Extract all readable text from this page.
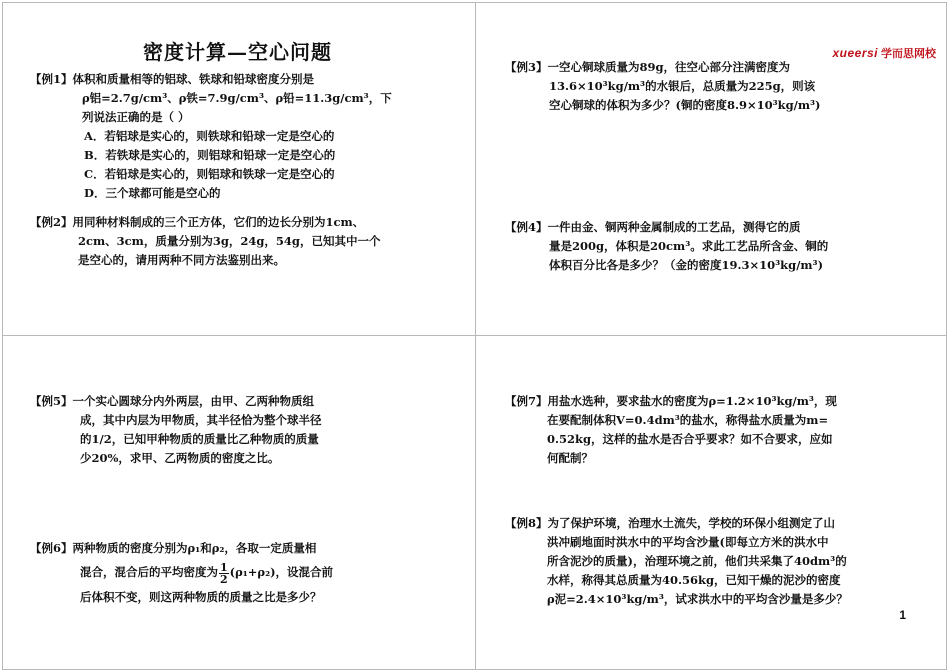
密度计算—空心问题	xueersi 学而思网校
【例1】体积和质量相等的铝球、铁球和铅球密度分别是
ρ铝=2.7g/cm³、ρ铁=7.9g/cm³、ρ铅=11.3g/cm³，下
列说法正确的是（ ）
A．若铝球是实心的，则铁球和铅球一定是空心的
B．若铁球是实心的，则铝球和铅球一定是空心的
C．若铅球是实心的，则铝球和铁球一定是空心的
D．三个球都可能是空心的
【例2】用同种材料制成的三个正方体，它们的边长分别为1cm、
2cm、3cm，质量分别为3g，24g，54g，已知其中一个
是空心的，请用两种不同方法鉴别出来。
【例3】一空心铜球质量为89g，往空心部分注满密度为
13.6×10³kg/m³的水银后，总质量为225g，则该
空心铜球的体积为多少？(铜的密度8.9×10³kg/m³)
【例4】一件由金、铜两种金属制成的工艺品，测得它的质
量是200g，体积是20cm³。求此工艺品所含金、铜的
体积百分比各是多少？（金的密度19.3×10³kg/m³)
【例5】一个实心圆球分内外两层，由甲、乙两种物质组
成，其中内层为甲物质，其半径恰为整个球半径
的1/2，已知甲种物质的质量比乙种物质的质量
少20%，求甲、乙两物质的密度之比。
【例6】两种物质的密度分别为ρ₁和ρ₂，各取一定质量相
混合，混合后的平均密度为 $\frac{1}{2} (\rho_1+\rho_2)$，设混合前
后体积不变，则这两种物质的质量之比是多少？
【例7】用盐水选种，要求盐水的密度为ρ=1.2×10³kg/m³，现
在要配制体积V=0.4dm³的盐水，称得盐水质量为m=
0.52kg，这样的盐水是否合乎要求？如不合要求，应如
何配制？
【例8】为了保护环境，治理水土流失，学校的环保小组测定了山
洪冲刷地面时洪水中的平均含沙量(即每立方米的洪水中
所含泥沙的质量)，治理环境之前，他们共采集了40dm³的
水样，称得其总质量为40.56kg，已知干燥的泥沙的密度
ρ泥=2.4×10³kg/m³，试求洪水中的平均含沙量是多少？
1
